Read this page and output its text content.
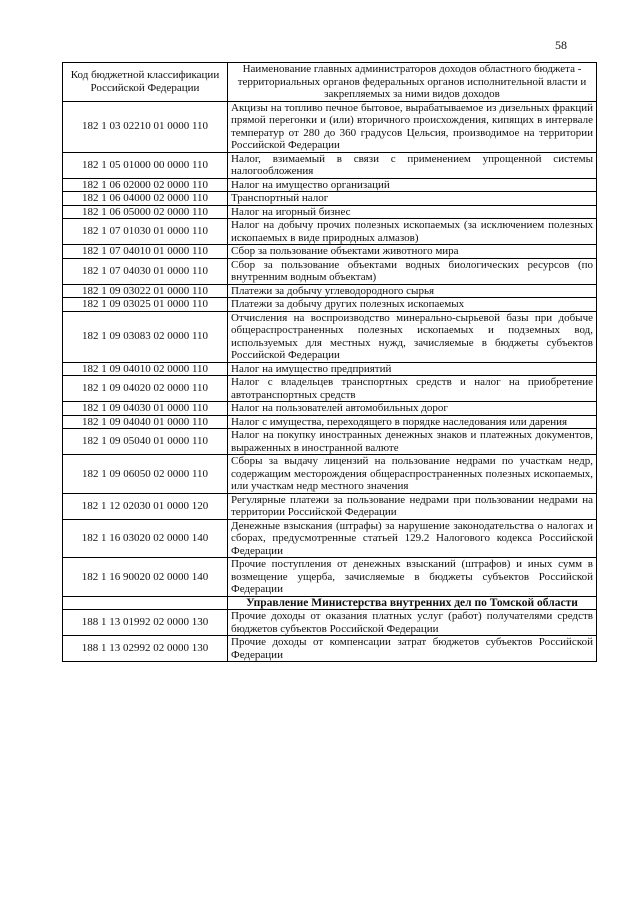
58
Код бюджетной классификации Российской Федерации	Наименование главных администраторов доходов областного бюджета - территориальных органов федеральных органов исполнительной власти и закрепляемых за ними видов доходов
182 1 03 02210 01 0000 110	Акцизы на топливо печное бытовое, вырабатываемое из дизельных фракций прямой перегонки и (или) вторичного происхождения, кипящих в интервале температур от 280 до 360 градусов Цельсия, производимое на территории Российской Федерации
182 1 05 01000 00 0000 110	Налог, взимаемый в связи с применением упрощенной системы налогообложения
182 1 06 02000 02 0000 110	Налог на имущество организаций
182 1 06 04000 02 0000 110	Транспортный налог
182 1 06 05000 02 0000 110	Налог на игорный бизнес
182 1 07 01030 01 0000 110	Налог на добычу прочих полезных ископаемых (за исключением полезных ископаемых в виде природных алмазов)
182 1 07 04010 01 0000 110	Сбор за пользование объектами животного мира
182 1 07 04030 01 0000 110	Сбор за пользование объектами водных биологических ресурсов (по внутренним водным объектам)
182 1 09 03022 01 0000 110	Платежи за добычу углеводородного сырья
182 1 09 03025 01 0000 110	Платежи за добычу других полезных ископаемых
182 1 09 03083 02 0000 110	Отчисления на воспроизводство минерально-сырьевой базы при добыче общераспространенных полезных ископаемых и подземных вод, используемых для местных нужд, зачисляемые в бюджеты субъектов Российской Федерации
182 1 09 04010 02 0000 110	Налог на имущество предприятий
182 1 09 04020 02 0000 110	Налог с владельцев транспортных средств и налог на приобретение автотранспортных средств
182 1 09 04030 01 0000 110	Налог на пользователей автомобильных дорог
182 1 09 04040 01 0000 110	Налог с имущества, переходящего в порядке наследования или дарения
182 1 09 05040 01 0000 110	Налог на покупку иностранных денежных знаков и платежных документов, выраженных в иностранной валюте
182 1 09 06050 02 0000 110	Сборы за выдачу лицензий на пользование недрами по участкам недр, содержащим месторождения общераспространенных полезных ископаемых, или участкам недр местного значения
182 1 12 02030 01 0000 120	Регулярные платежи за пользование недрами при пользовании недрами на территории Российской Федерации
182 1 16 03020 02 0000 140	Денежные взыскания (штрафы) за нарушение законодательства о налогах и сборах, предусмотренные статьей 129.2 Налогового кодекса Российской Федерации
182 1 16 90020 02 0000 140	Прочие поступления от денежных взысканий (штрафов) и иных сумм в возмещение ущерба, зачисляемые в бюджеты субъектов Российской Федерации
	Управление Министерства внутренних дел по Томской области
188 1 13 01992 02 0000 130	Прочие доходы от оказания платных услуг (работ) получателями средств бюджетов субъектов Российской Федерации
188 1 13 02992 02 0000 130	Прочие доходы от компенсации затрат бюджетов субъектов Российской Федерации
